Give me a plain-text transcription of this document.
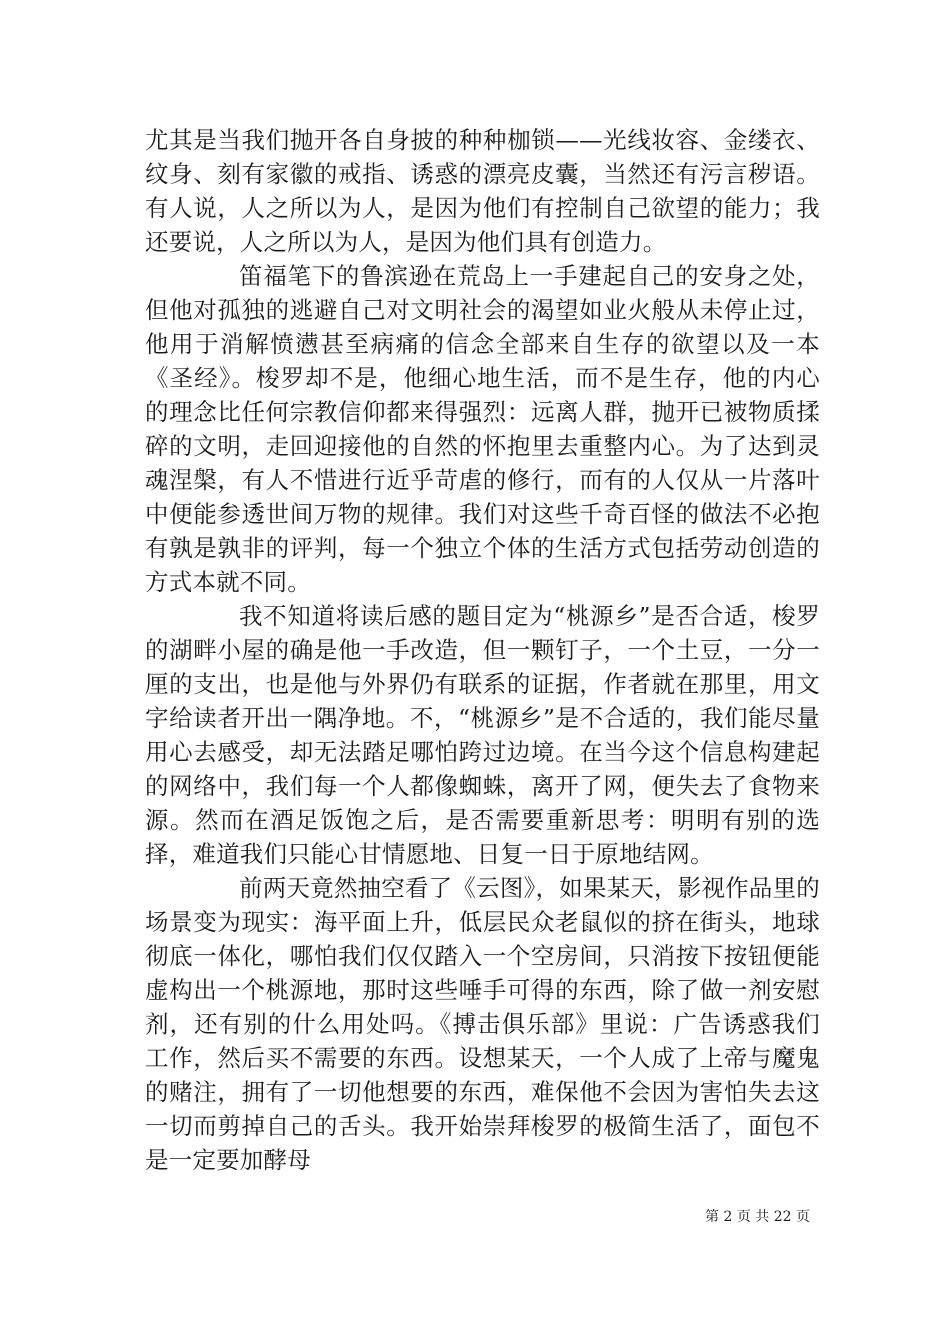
尤其是当我们抛开各自身披的种种枷锁——光线妆容、金缕衣、纹身、刻有家徽的戒指、诱惑的漂亮皮囊，当然还有污言秽语。有人说，人之所以为人，是因为他们有控制自己欲望的能力；我还要说，人之所以为人，是因为他们具有创造力。

笛福笔下的鲁滨逊在荒岛上一手建起自己的安身之处，但他对孤独的逃避自己对文明社会的渴望如业火般从未停止过，他用于消解愤懑甚至病痛的信念全部来自生存的欲望以及一本《圣经》。梭罗却不是，他细心地生活，而不是生存，他的内心的理念比任何宗教信仰都来得强烈：远离人群，抛开已被物质揉碎的文明，走回迎接他的自然的怀抱里去重整内心。为了达到灵魂涅槃，有人不惜进行近乎苛虐的修行，而有的人仅从一片落叶中便能参透世间万物的规律。我们对这些千奇百怪的做法不必抱有孰是孰非的评判，每一个独立个体的生活方式包括劳动创造的方式本就不同。

我不知道将读后感的题目定为“桃源乡”是否合适，梭罗的湖畔小屋的确是他一手改造，但一颗钉子，一个土豆，一分一厘的支出，也是他与外界仍有联系的证据，作者就在那里，用文字给读者开出一隅净地。不，“桃源乡”是不合适的，我们能尽量用心去感受，却无法踏足哪怕跨过边境。在当今这个信息构建起的网络中，我们每一个人都像蜘蛛，离开了网，便失去了食物来源。然而在酒足饭饱之后，是否需要重新思考：明明有别的选择，难道我们只能心甘情愿地、日复一日于原地结网。

前两天竟然抽空看了《云图》，如果某天，影视作品里的场景变为现实：海平面上升，低层民众老鼠似的挤在街头，地球彻底一体化，哪怕我们仅仅踏入一个空房间，只消按下按钮便能虚构出一个桃源地，那时这些唾手可得的东西，除了做一剂安慰剂，还有别的什么用处吗。《搏击俱乐部》里说：广告诱惑我们工作，然后买不需要的东西。设想某天，一个人成了上帝与魔鬼的赌注，拥有了一切他想要的东西，难保他不会因为害怕失去这一切而剪掉自己的舌头。我开始崇拜梭罗的极简生活了，面包不是一定要加酵母

第 2 页 共 22 页
